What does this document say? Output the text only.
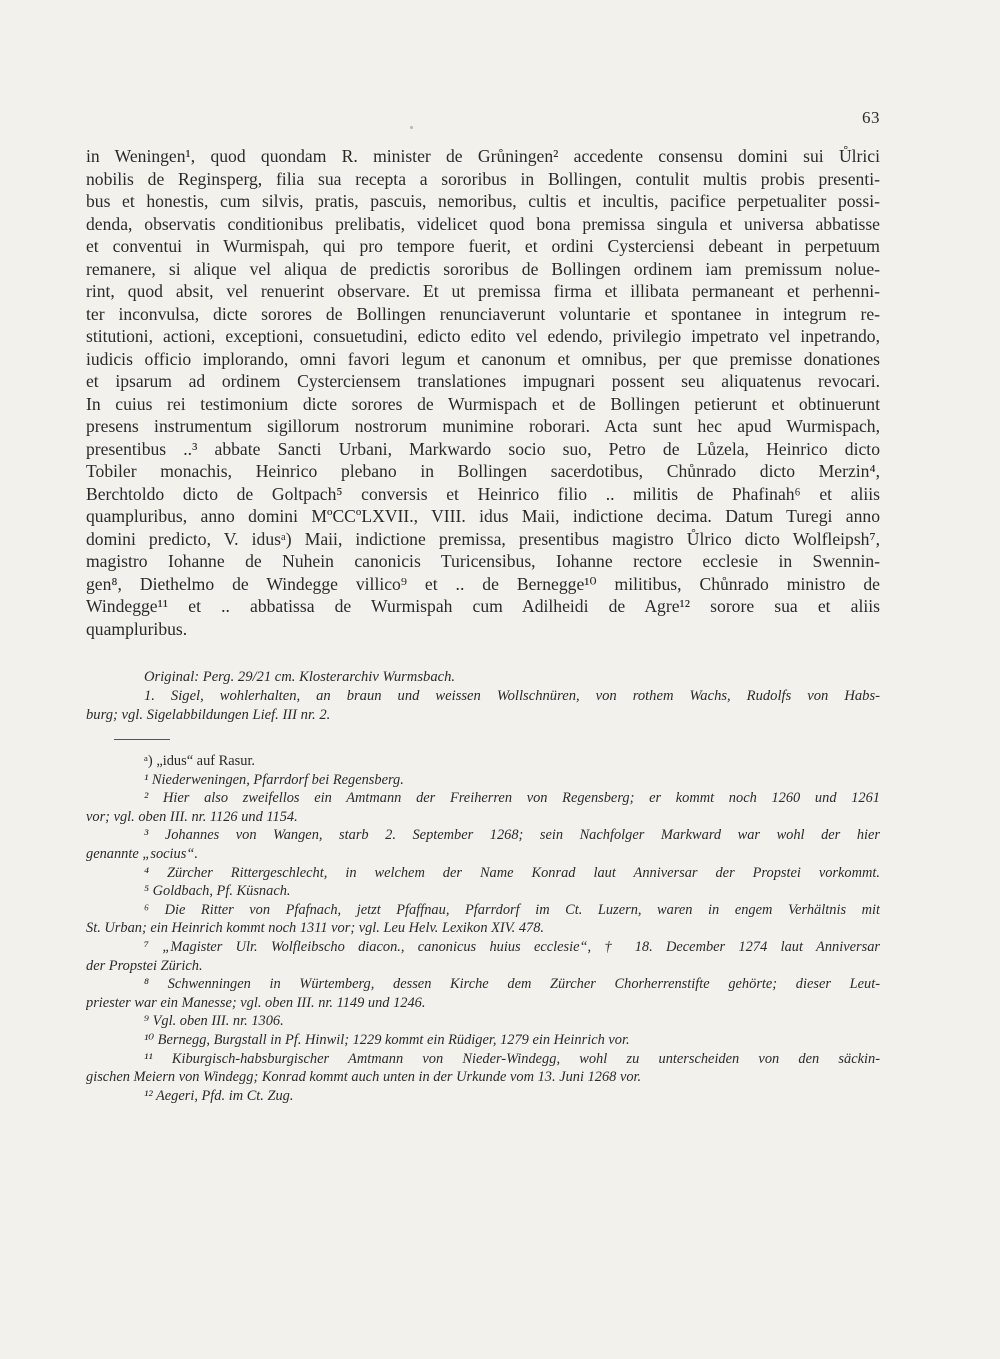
63
in Weningen¹, quod quondam R. minister de Grůningen² accedente consensu domini sui Ůlrici
nobilis de Reginsperg, filia sua recepta a sororibus in Bollingen, contulit multis probis presenti-
bus et honestis, cum silvis, pratis, pascuis, nemoribus, cultis et incultis, pacifice perpetualiter possi-
denda, observatis conditionibus prelibatis, videlicet quod bona premissa singula et universa abbatisse
et conventui in Wurmispah, qui pro tempore fuerit, et ordini Cysterciensi debeant in perpetuum
remanere, si alique vel aliqua de predictis sororibus de Bollingen ordinem iam premissum nolue-
rint, quod absit, vel renuerint observare. Et ut premissa firma et illibata permaneant et perhenni-
ter inconvulsa, dicte sorores de Bollingen renunciaverunt voluntarie et spontanee in integrum re-
stitutioni, actioni, exceptioni, consuetudini, edicto edito vel edendo, privilegio impetrato vel inpetrando,
iudicis officio implorando, omni favori legum et canonum et omnibus, per que premisse donationes
et ipsarum ad ordinem Cysterciensem translationes impugnari possent seu aliquatenus revocari.
In cuius rei testimonium dicte sorores de Wurmispach et de Bollingen petierunt et obtinuerunt
presens instrumentum sigillorum nostrorum munimine roborari. Acta sunt hec apud Wurmispach,
presentibus ..³ abbate Sancti Urbani, Markwardo socio suo, Petro de Lůzela, Heinrico dicto
Tobiler monachis, Heinrico plebano in Bollingen sacerdotibus, Chůnrado dicto Merzin⁴,
Berchtoldo dicto de Goltpach⁵ conversis et Heinrico filio .. militis de Phafinah⁶ et aliis
quampluribus, anno domini MºCCºLXVII., VIII. idus Maii, indictione decima. Datum Turegi anno
domini predicto, V. idusᵃ) Maii, indictione premissa, presentibus magistro Ůlrico dicto Wolfleipsh⁷,
magistro Iohanne de Nuhein canonicis Turicensibus, Iohanne rectore ecclesie in Swennin-
gen⁸, Diethelmo de Windegge villico⁹ et .. de Bernegge¹⁰ militibus, Chůnrado ministro de
Windegge¹¹ et .. abbatissa de Wurmispah cum Adilheidi de Agre¹² sorore sua et aliis
quampluribus.
Original: Perg. 29/21 cm. Klosterarchiv Wurmsbach.
1. Sigel, wohlerhalten, an braun und weissen Wollschnüren, von rothem Wachs, Rudolfs von Habs-
burg; vgl. Sigelabbildungen Lief. III nr. 2.
ᵃ) „idus“ auf Rasur.
¹ Niederweningen, Pfarrdorf bei Regensberg.
² Hier also zweifellos ein Amtmann der Freiherren von Regensberg; er kommt noch 1260 und 1261
vor; vgl. oben III. nr. 1126 und 1154.
³ Johannes von Wangen, starb 2. September 1268; sein Nachfolger Markward war wohl der hier
genannte „socius“.
⁴ Zürcher Rittergeschlecht, in welchem der Name Konrad laut Anniversar der Propstei vorkommt.
⁵ Goldbach, Pf. Küsnach.
⁶ Die Ritter von Pfafnach, jetzt Pfaffnau, Pfarrdorf im Ct. Luzern, waren in engem Verhältnis mit
St. Urban; ein Heinrich kommt noch 1311 vor; vgl. Leu Helv. Lexikon XIV. 478.
⁷ „Magister Ulr. Wolfleibscho diacon., canonicus huius ecclesie“, † 18. December 1274 laut Anniversar
der Propstei Zürich.
⁸ Schwenningen in Würtemberg, dessen Kirche dem Zürcher Chorherrenstifte gehörte; dieser Leut-
priester war ein Manesse; vgl. oben III. nr. 1149 und 1246.
⁹ Vgl. oben III. nr. 1306.
¹⁰ Bernegg, Burgstall in Pf. Hinwil; 1229 kommt ein Rüdiger, 1279 ein Heinrich vor.
¹¹ Kiburgisch-habsburgischer Amtmann von Nieder-Windegg, wohl zu unterscheiden von den säckin-
gischen Meiern von Windegg; Konrad kommt auch unten in der Urkunde vom 13. Juni 1268 vor.
¹² Aegeri, Pfd. im Ct. Zug.
